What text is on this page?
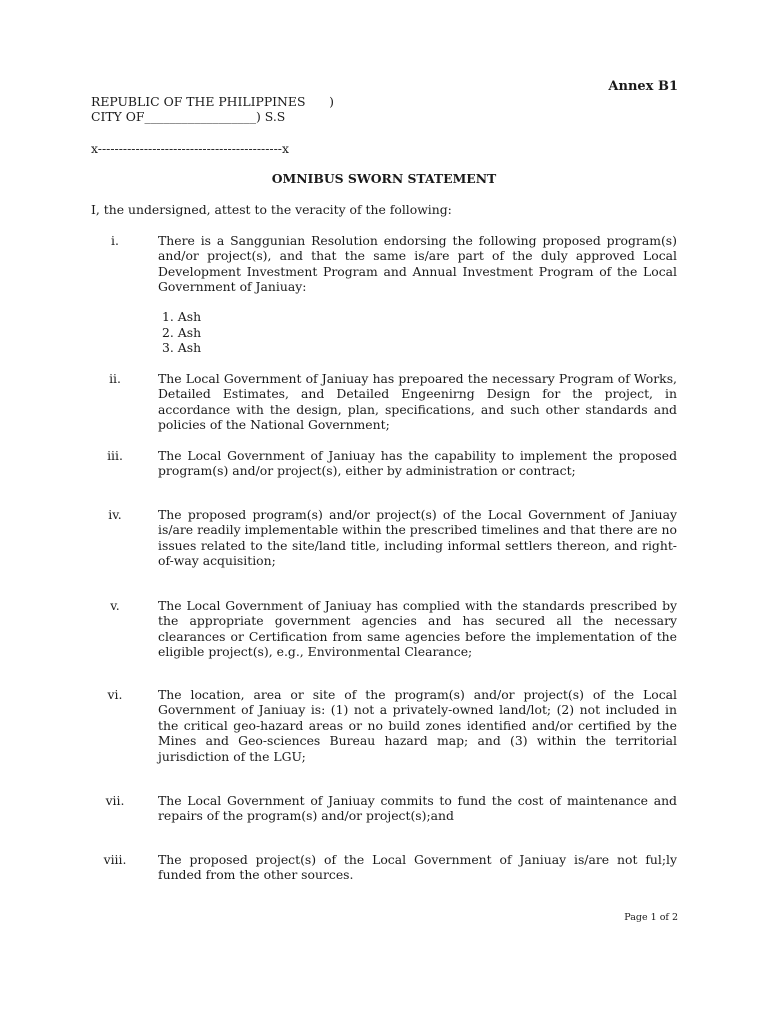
Annex B1

REPUBLIC OF THE PHILIPPINES      )

CITY OF__________________) S.S

x--------------------------------------------x

OMNIBUS SWORN STATEMENT

I, the undersigned, attest to the veracity of the following:

i.	There is a Sanggunian Resolution endorsing the following proposed program(s) and/or project(s), and that the same is/are part of the duly approved Local Development Investment Program and Annual Investment Program of the Local Government of Janiuay:
1. Ash
2. Ash
3. Ash
ii.	The Local Government of Janiuay has prepoared the necessary Program of Works, Detailed Estimates, and Detailed Engeenirng Design for the project, in accordance with the design, plan, specifications, and such other standards and policies of the National Government;
iii.	The Local Government of Janiuay has the capability to implement the proposed program(s) and/or project(s), either by administration or contract;
iv.	The proposed program(s) and/or project(s) of the Local Government of Janiuay is/are readily implementable within the prescribed timelines and that there are no issues related to the site/land title, including informal settlers thereon, and right-of-way acquisition;
v.	The Local Government of Janiuay has complied with the standards prescribed by the appropriate government agencies and has secured all the necessary clearances or Certification from same agencies before the implementation of the eligible project(s), e.g., Environmental Clearance;
vi.	The location, area or site of the program(s) and/or project(s) of the Local Government of Janiuay is: (1) not a privately-owned land/lot; (2) not included in the critical geo-hazard areas or no build zones identified and/or certified by the Mines and Geo-sciences Bureau hazard map; and (3) within the territorial jurisdiction of the LGU;
vii.	The Local Government of Janiuay commits to fund the cost of maintenance and repairs of the program(s) and/or project(s);and
viii.	The proposed project(s) of the Local Government of Janiuay is/are not ful;ly funded from the other sources.

Page 1 of 2
